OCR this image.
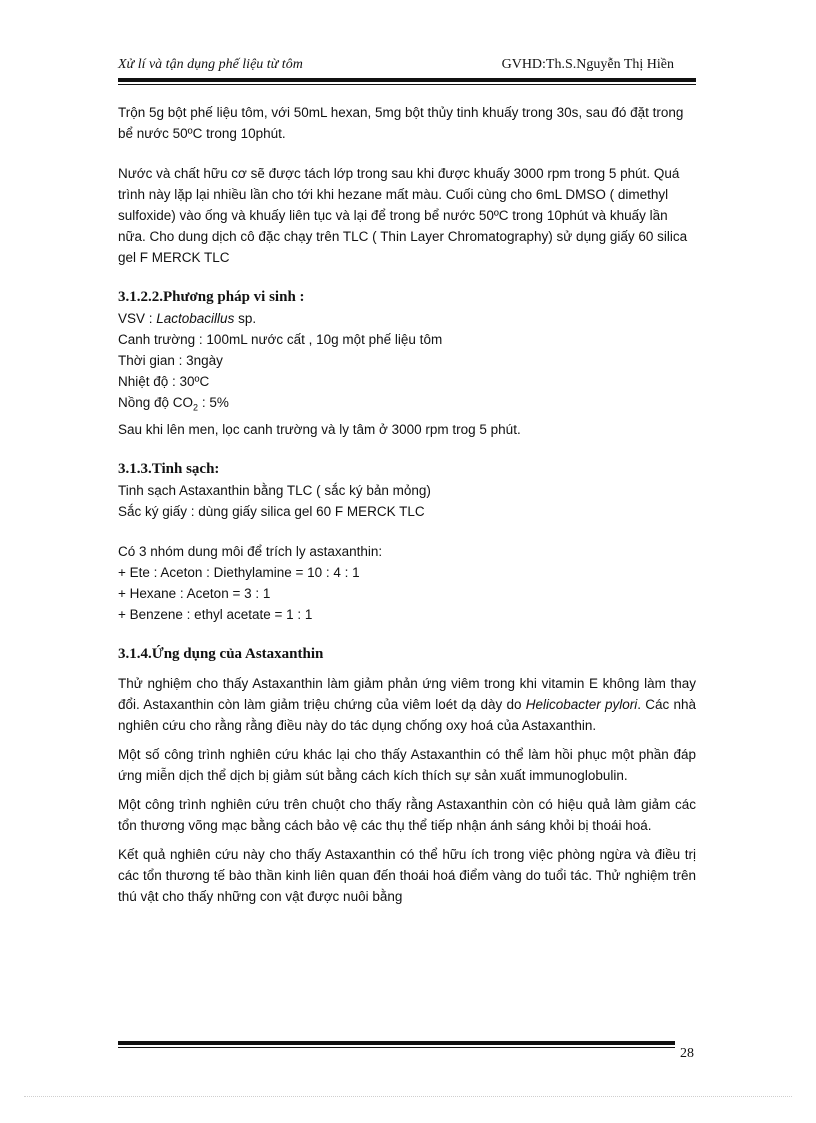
Xử lí và tận dụng phế liệu từ tôm	GVHD:Th.S.Nguyễn Thị Hiền

Trộn 5g bột phế liệu tôm, với 50mL hexan, 5mg bột thủy tinh khuấy trong 30s, sau đó đặt trong bể nước 50ºC trong 10phút.

Nước và chất hữu cơ sẽ được tách lớp trong sau khi được khuấy 3000 rpm trong 5 phút. Quá trình này lặp lại nhiều lần cho tới khi hezane mất màu. Cuối cùng cho 6mL DMSO ( dimethyl sulfoxide) vào ống và khuấy liên tục và lại để trong bể nước 50ºC trong 10phút và khuấy lần nữa. Cho dung dịch cô đặc chạy trên TLC ( Thin Layer Chromatography) sử dụng giấy 60 silica gel F MERCK TLC

3.1.2.2.Phương pháp vi sinh :

VSV : Lactobacillus sp.

Canh trường : 100mL nước cất , 10g một phế liệu tôm

Thời gian : 3ngày

Nhiệt độ : 30ºC

Nồng độ $CO_2$ : 5%

Sau khi lên men, lọc canh trường và ly tâm ở 3000 rpm trog 5 phút.

3.1.3.Tinh sạch:

Tinh sạch Astaxanthin bằng TLC ( sắc ký bản mỏng)

Sắc ký giấy : dùng giấy silica gel 60 F MERCK TLC

Có 3 nhóm dung môi để trích ly astaxanthin:

+ Ete : Aceton : Diethylamine = 10 : 4 : 1

+ Hexane : Aceton = 3 : 1

+ Benzene : ethyl acetate = 1 : 1

3.1.4.Ứng dụng của Astaxanthin

Thử nghiệm cho thấy Astaxanthin làm giảm phản ứng viêm trong khi vitamin E không làm thay đổi. Astaxanthin còn làm giảm triệu chứng của viêm loét dạ dày do Helicobacter pylori. Các nhà nghiên cứu cho rằng rằng điều này do tác dụng chống oxy hoá của Astaxanthin.

Một số công trình nghiên cứu khác lại cho thấy Astaxanthin có thể làm hồi phục một phần đáp ứng miễn dịch thể dịch bị giảm sút bằng cách kích thích sự sản xuất immunoglobulin.

Một công trình nghiên cứu trên chuột cho thấy rằng Astaxanthin còn có hiệu quả làm giảm các tổn thương võng mạc bằng cách bảo vệ các thụ thể tiếp nhận ánh sáng khỏi bị thoái hoá.

Kết quả nghiên cứu này cho thấy Astaxanthin có thể hữu ích trong việc phòng ngừa và điều trị các tổn thương tế bào thần kinh liên quan đến thoái hoá điểm vàng do tuổi tác. Thử nghiệm trên thú vật cho thấy những con vật được nuôi bằng

28
